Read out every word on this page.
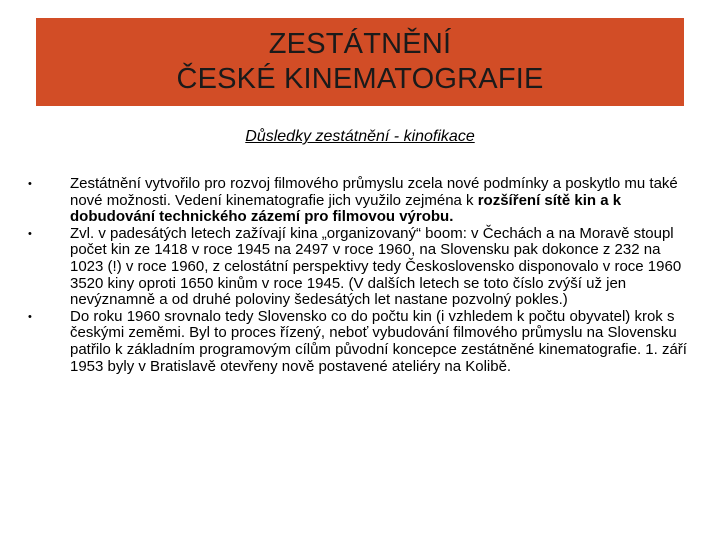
ZESTÁTNĚNÍ
ČESKÉ KINEMATOGRAFIE
Důsledky zestátnění - kinofikace
•	Zestátnění vytvořilo pro rozvoj filmového průmyslu zcela nové podmínky a poskytlo mu také nové možnosti. Vedení kinematografie jich využilo zejména k rozšíření sítě kin a k dobudování technického zázemí pro filmovou výrobu.
•	Zvl. v padesátých letech zažívají kina „organizovaný“ boom: v Čechách a na Moravě stoupl počet kin ze 1418 v roce 1945 na 2497 v roce 1960, na Slovensku pak dokonce z 232 na 1023 (!) v roce 1960, z celostátní perspektivy tedy Československo disponovalo v roce 1960 3520 kiny oproti 1650 kinům v roce 1945. (V dalších letech se toto číslo zvýší už jen nevýznamně a od druhé poloviny šedesátých let nastane pozvolný pokles.)
•	Do roku 1960 srovnalo tedy Slovensko co do počtu kin (i vzhledem k počtu obyvatel) krok s českými zeměmi. Byl to proces řízený, neboť vybudování filmového průmyslu na Slovensku patřilo k základním programovým cílům původní koncepce zestátněné kinematografie. 1. září 1953 byly v Bratislavě otevřeny nově postavené ateliéry na Kolibě.
